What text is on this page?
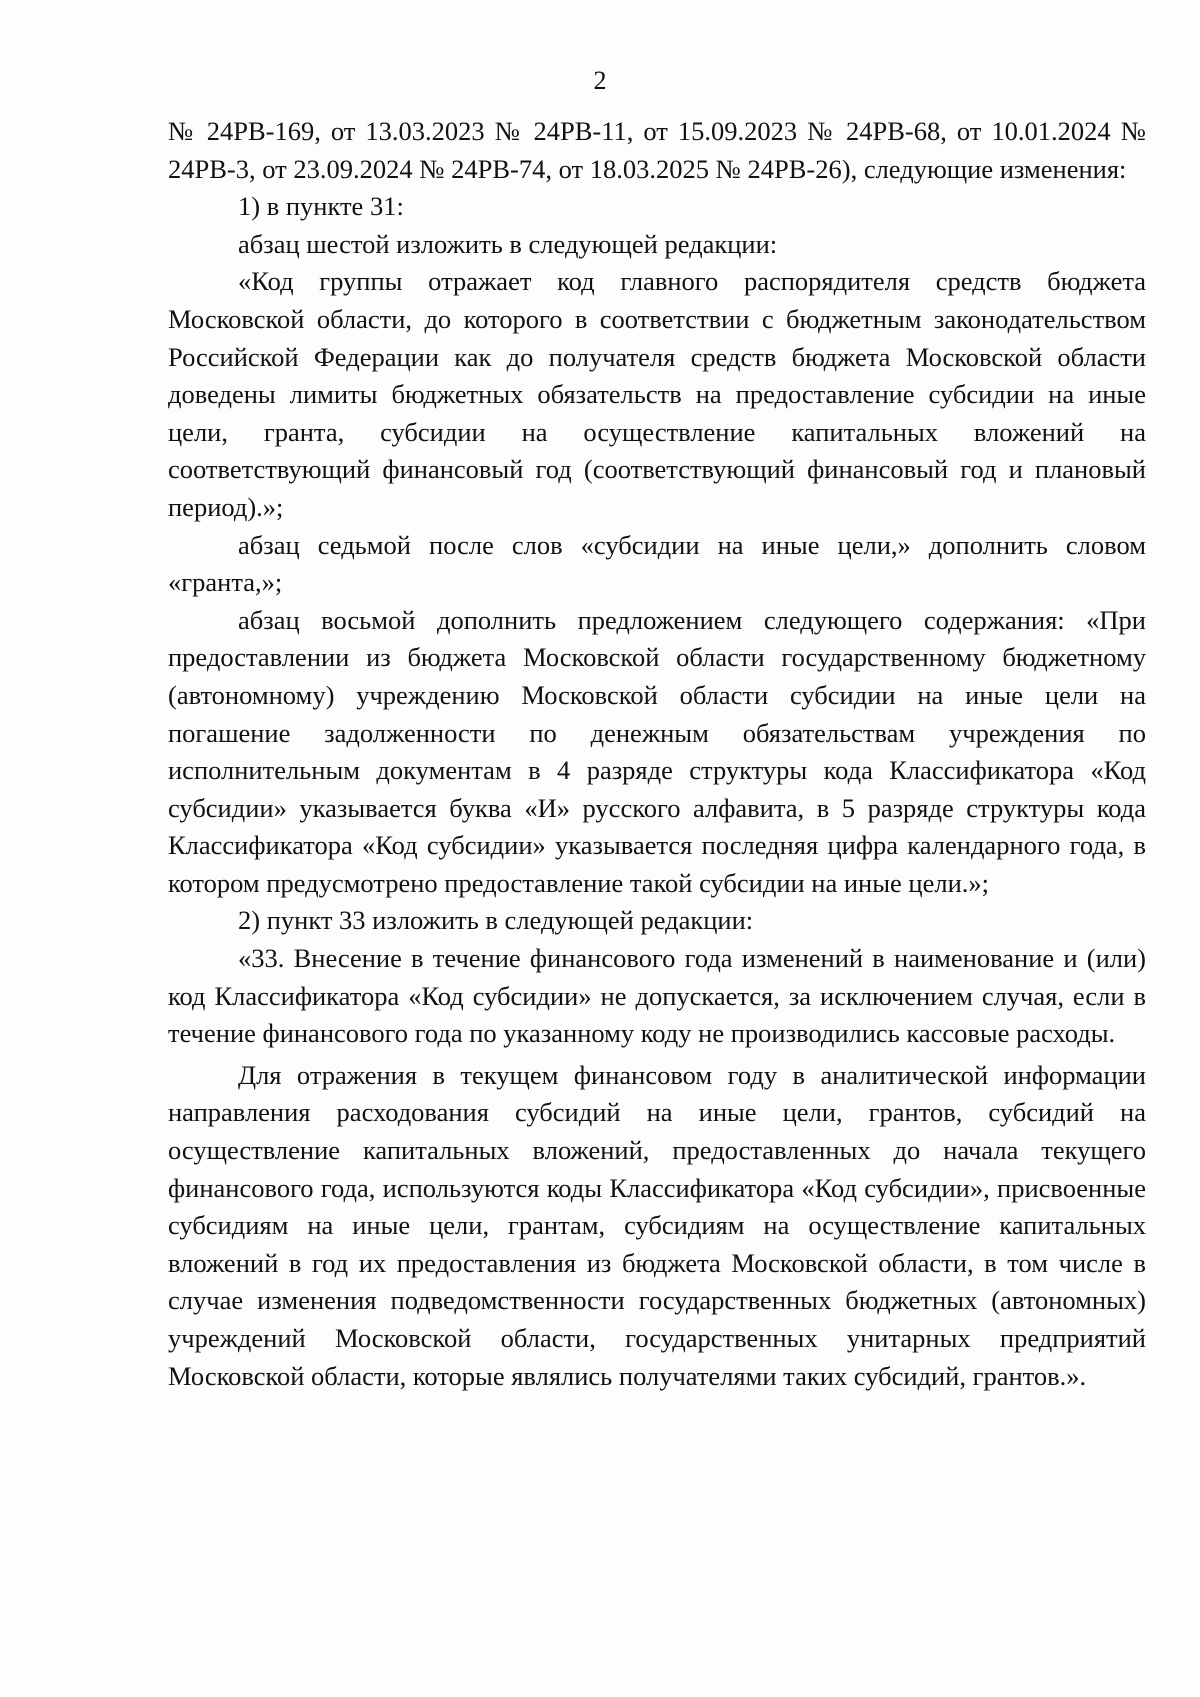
2

№ 24РВ-169, от 13.03.2023 № 24РВ-11, от 15.09.2023 № 24РВ-68, от 10.01.2024 № 24РВ-3, от 23.09.2024 № 24РВ-74, от 18.03.2025 № 24РВ-26), следующие изменения:

1) в пункте 31:

абзац шестой изложить в следующей редакции:

«Код группы отражает код главного распорядителя средств бюджета Московской области, до которого в соответствии с бюджетным законодательством Российской Федерации как до получателя средств бюджета Московской области доведены лимиты бюджетных обязательств на предоставление субсидии на иные цели, гранта, субсидии на осуществление капитальных вложений на соответствующий финансовый год (соответствующий финансовый год и плановый период).»;

абзац седьмой после слов «субсидии на иные цели,» дополнить словом «гранта,»;

абзац восьмой дополнить предложением следующего содержания: «При предоставлении из бюджета Московской области государственному бюджетному (автономному) учреждению Московской области субсидии на иные цели на погашение задолженности по денежным обязательствам учреждения по исполнительным документам в 4 разряде структуры кода Классификатора «Код субсидии» указывается буква «И» русского алфавита, в 5 разряде структуры кода Классификатора «Код субсидии» указывается последняя цифра календарного года, в котором предусмотрено предоставление такой субсидии на иные цели.»;

2) пункт 33 изложить в следующей редакции:

«33. Внесение в течение финансового года изменений в наименование и (или) код Классификатора «Код субсидии» не допускается, за исключением случая, если в течение финансового года по указанному коду не производились кассовые расходы.

Для отражения в текущем финансовом году в аналитической информации направления расходования субсидий на иные цели, грантов, субсидий на осуществление капитальных вложений, предоставленных до начала текущего финансового года, используются коды Классификатора «Код субсидии», присвоенные субсидиям на иные цели, грантам, субсидиям на осуществление капитальных вложений в год их предоставления из бюджета Московской области, в том числе в случае изменения подведомственности государственных бюджетных (автономных) учреждений Московской области, государственных унитарных предприятий Московской области, которые являлись получателями таких субсидий, грантов.».
